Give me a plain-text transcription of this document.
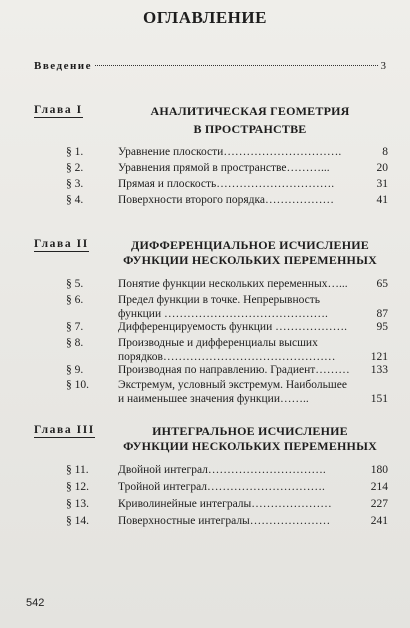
ОГЛАВЛЕНИЕ
Введение	3
Глава I	АНАЛИТИЧЕСКАЯ ГЕОМЕТРИЯ
В ПРОСТРАНСТВЕ
§ 1.	Уравнение плоскости………………………….	8
§ 2.	Уравнения прямой в пространстве………...	20
§ 3.	Прямая и плоскость………………………….	31
§ 4.	Поверхности второго порядка………………	41
Глава II	ДИФФЕРЕНЦИАЛЬНОЕ ИСЧИСЛЕНИЕ
ФУНКЦИИ НЕСКОЛЬКИХ ПЕРЕМЕННЫХ
§ 5.	Понятие функции нескольких переменных…...	65
§ 6.	Предел функции в точке. Непрерывность
функции …………………………………….	87
§ 7.	Дифференцируемость функции ……………….	95
§ 8.	Производные и дифференциалы высших
порядков………………………………………	121
§ 9.	Производная по направлению. Градиент………	133
§ 10.	Экстремум, условный экстремум. Наибольшее
и наименьшее значения функции……..	151
Глава III	ИНТЕГРАЛЬНОЕ ИСЧИСЛЕНИЕ
ФУНКЦИИ НЕСКОЛЬКИХ ПЕРЕМЕННЫХ
§ 11.	Двойной интеграл………………………….	180
§ 12.	Тройной интеграл………………………….	214
§ 13.	Криволинейные интегралы…………………	227
§ 14.	Поверхностные интегралы…………………	241
542
